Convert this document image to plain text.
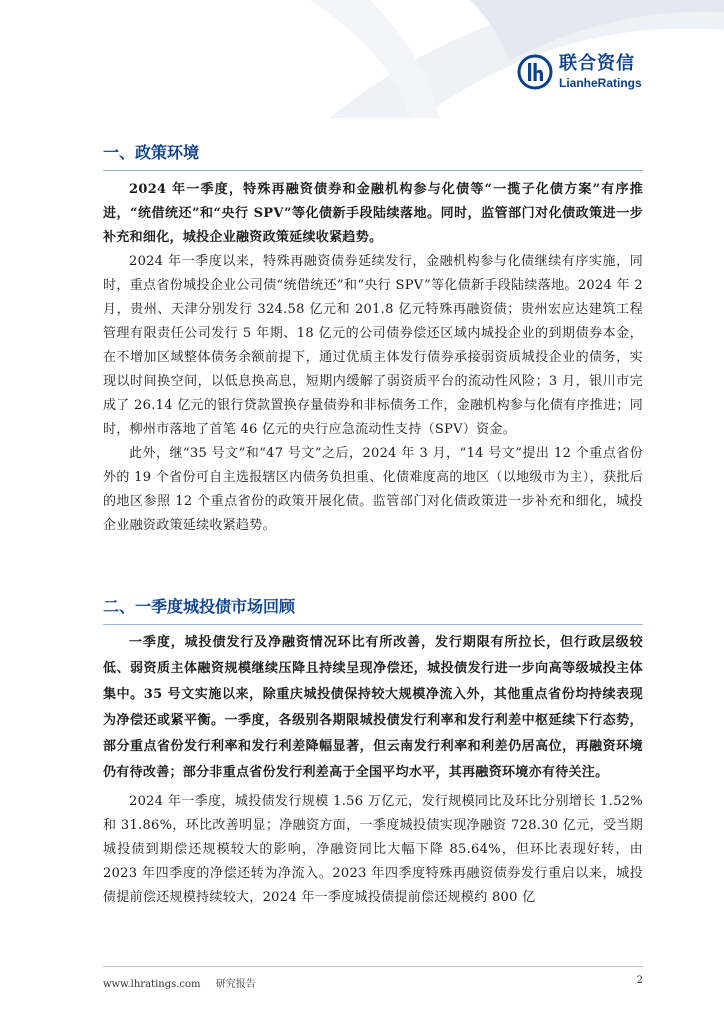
联合资信
LianheRatings
一、政策环境

2024 年一季度，特殊再融资债券和金融机构参与化债等“一揽子化债方案”有序推进，“统借统还”和“央行 SPV”等化债新手段陆续落地。同时，监管部门对化债政策进一步补充和细化，城投企业融资政策延续收紧趋势。

2024 年一季度以来，特殊再融资债券延续发行，金融机构参与化债继续有序实施，同时，重点省份城投企业公司债“统借统还”和“央行 SPV”等化债新手段陆续落地。2024 年 2 月，贵州、天津分别发行 324.58 亿元和 201.8 亿元特殊再融资债；贵州宏应达建筑工程管理有限责任公司发行 5 年期、18 亿元的公司债券偿还区域内城投企业的到期债券本金，在不增加区域整体债务余额前提下，通过优质主体发行债券承接弱资质城投企业的债务，实现以时间换空间，以低息换高息，短期内缓解了弱资质平台的流动性风险；3 月，银川市完成了 26.14 亿元的银行贷款置换存量债券和非标债务工作，金融机构参与化债有序推进；同时，柳州市落地了首笔 46 亿元的央行应急流动性支持（SPV）资金。

此外，继“35 号文”和“47 号文”之后，2024 年 3 月，“14 号文”提出 12 个重点省份外的 19 个省份可自主选报辖区内债务负担重、化债难度高的地区（以地级市为主），获批后的地区参照 12 个重点省份的政策开展化债。监管部门对化债政策进一步补充和细化，城投企业融资政策延续收紧趋势。

二、一季度城投债市场回顾

一季度，城投债发行及净融资情况环比有所改善，发行期限有所拉长，但行政层级较低、弱资质主体融资规模继续压降且持续呈现净偿还，城投债发行进一步向高等级城投主体集中。35 号文实施以来，除重庆城投债保持较大规模净流入外，其他重点省份均持续表现为净偿还或紧平衡。一季度，各级别各期限城投债发行利率和发行利差中枢延续下行态势，部分重点省份发行利率和发行利差降幅显著，但云南发行利率和利差仍居高位，再融资环境仍有待改善；部分非重点省份发行利差高于全国平均水平，其再融资环境亦有待关注。

2024 年一季度，城投债发行规模 1.56 万亿元，发行规模同比及环比分别增长 1.52% 和 31.86%，环比改善明显；净融资方面，一季度城投债实现净融资 728.30 亿元，受当期城投债到期偿还规模较大的影响，净融资同比大幅下降 85.64%，但环比表现好转，由 2023 年四季度的净偿还转为净流入。2023 年四季度特殊再融资债券发行重启以来，城投债提前偿还规模持续较大，2024 年一季度城投债提前偿还规模约 800 亿

www.lhratings.com 研究报告	2
